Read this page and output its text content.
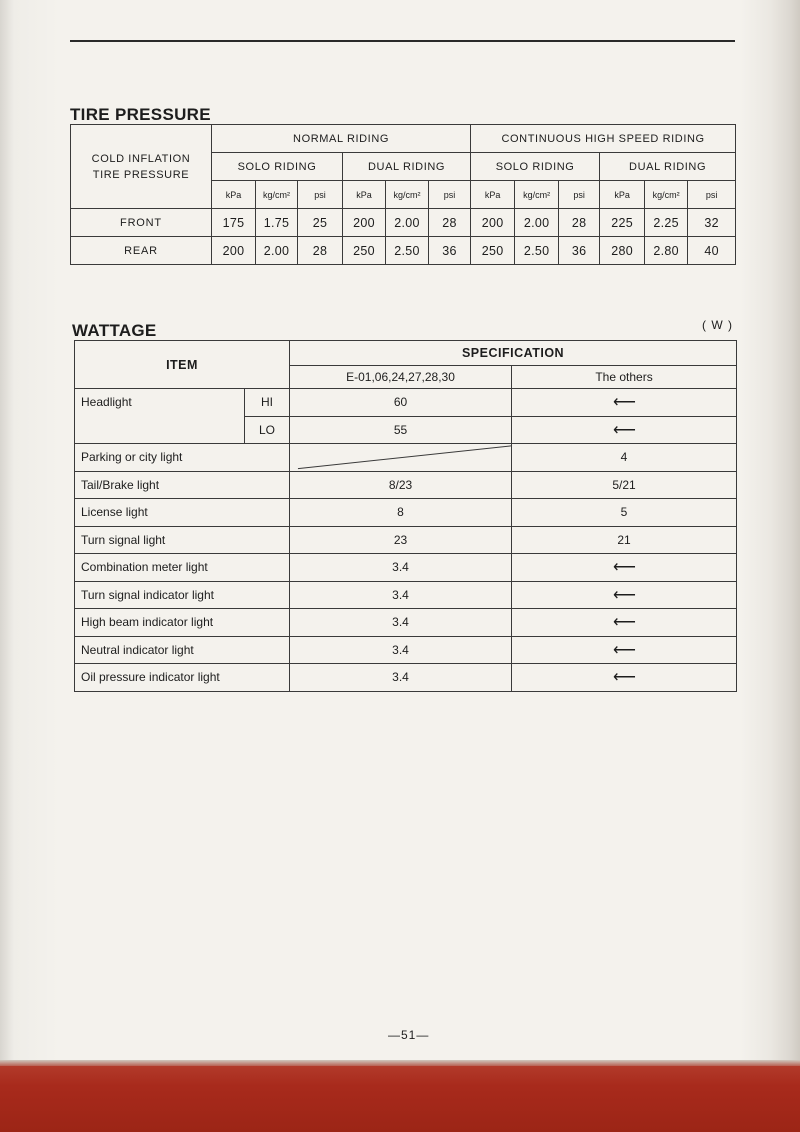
TIRE PRESSURE
COLD INFLATION
TIRE PRESSURE	NORMAL RIDING						CONTINUOUS HIGH SPEED RIDING					
	SOLO RIDING			DUAL RIDING			SOLO RIDING			DUAL RIDING		
	kPa	kg/cm²	psi	kPa	kg/cm²	psi	kPa	kg/cm²	psi	kPa	kg/cm²	psi
FRONT	175	1.75	25	200	2.00	28	200	2.00	28	225	2.25	32
REAR	200	2.00	28	250	2.50	36	250	2.50	36	280	2.80	40
WATTAGE	( W )
ITEM		SPECIFICATION	
		E-01,06,24,27,28,30	The others
Headlight	HI	60	⟵
	LO	55	⟵
Parking or city light			4
Tail/Brake light		8/23	5/21
License light		8	5
Turn signal light		23	21
Combination meter light		3.4	⟵
Turn signal indicator light		3.4	⟵
High beam indicator light		3.4	⟵
Neutral indicator light		3.4	⟵
Oil pressure indicator light		3.4	⟵
—51—
